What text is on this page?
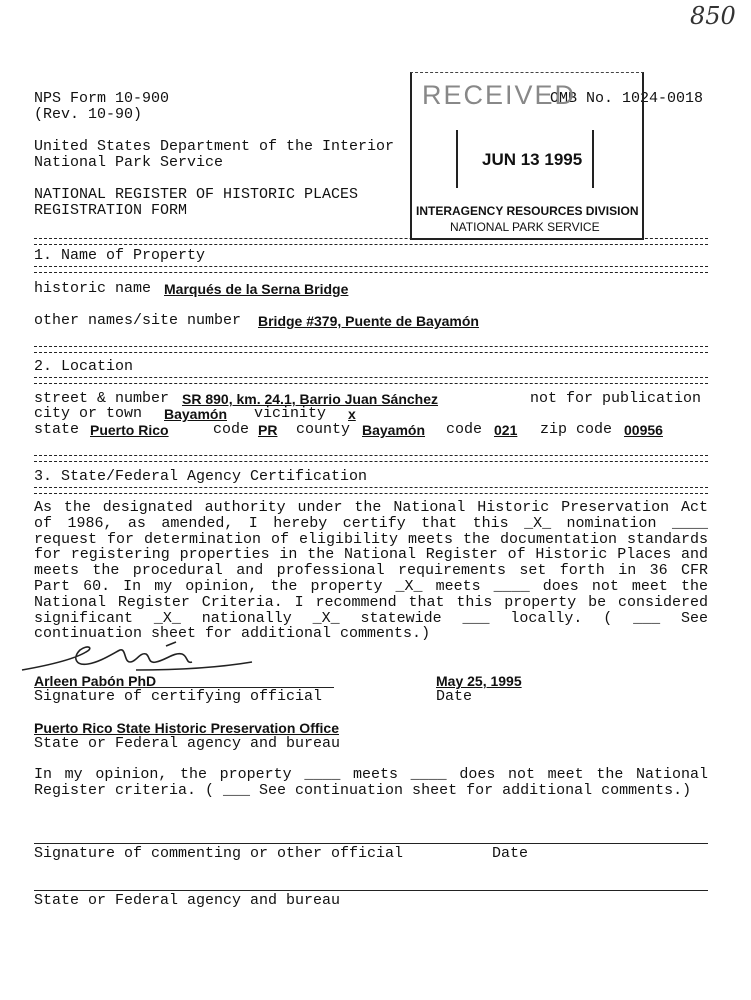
850
NPS Form 10-900
(Rev. 10-90)
OMB No. 1024-0018
United States Department of the Interior
National Park Service
NATIONAL REGISTER OF HISTORIC PLACES
REGISTRATION FORM
RECEIVED
JUN 13 1995
INTERAGENCY RESOURCES DIVISION
NATIONAL PARK SERVICE
1. Name of Property
historic name Marqués de la Serna Bridge
other names/site number Bridge #379, Puente de Bayamón
2. Location
street & number SR 890, km. 24.1, Barrio Juan Sánchez	not for publication
city or town Bayamón vicinity x
state Puerto Rico	code PR county Bayamón code 021 zip code 00956
3. State/Federal Agency Certification
As the designated authority under the National Historic Preservation Act of 1986, as amended, I hereby certify that this _X_ nomination ____ request for determination of eligibility meets the documentation standards for registering properties in the National Register of Historic Places and meets the procedural and professional requirements set forth in 36 CFR Part 60. In my opinion, the property _X_ meets ____ does not meet the National Register Criteria. I recommend that this property be considered significant _X_ nationally _X_ statewide ___ locally. ( ___ See continuation sheet for additional comments.)
Arleen Pabón PhD
Signature of certifying official
May 25, 1995
Date
Puerto Rico State Historic Preservation Office
State or Federal agency and bureau
In my opinion, the property ____ meets ____ does not meet the National Register criteria. ( ___ See continuation sheet for additional comments.)
Signature of commenting or other official	Date
State or Federal agency and bureau
